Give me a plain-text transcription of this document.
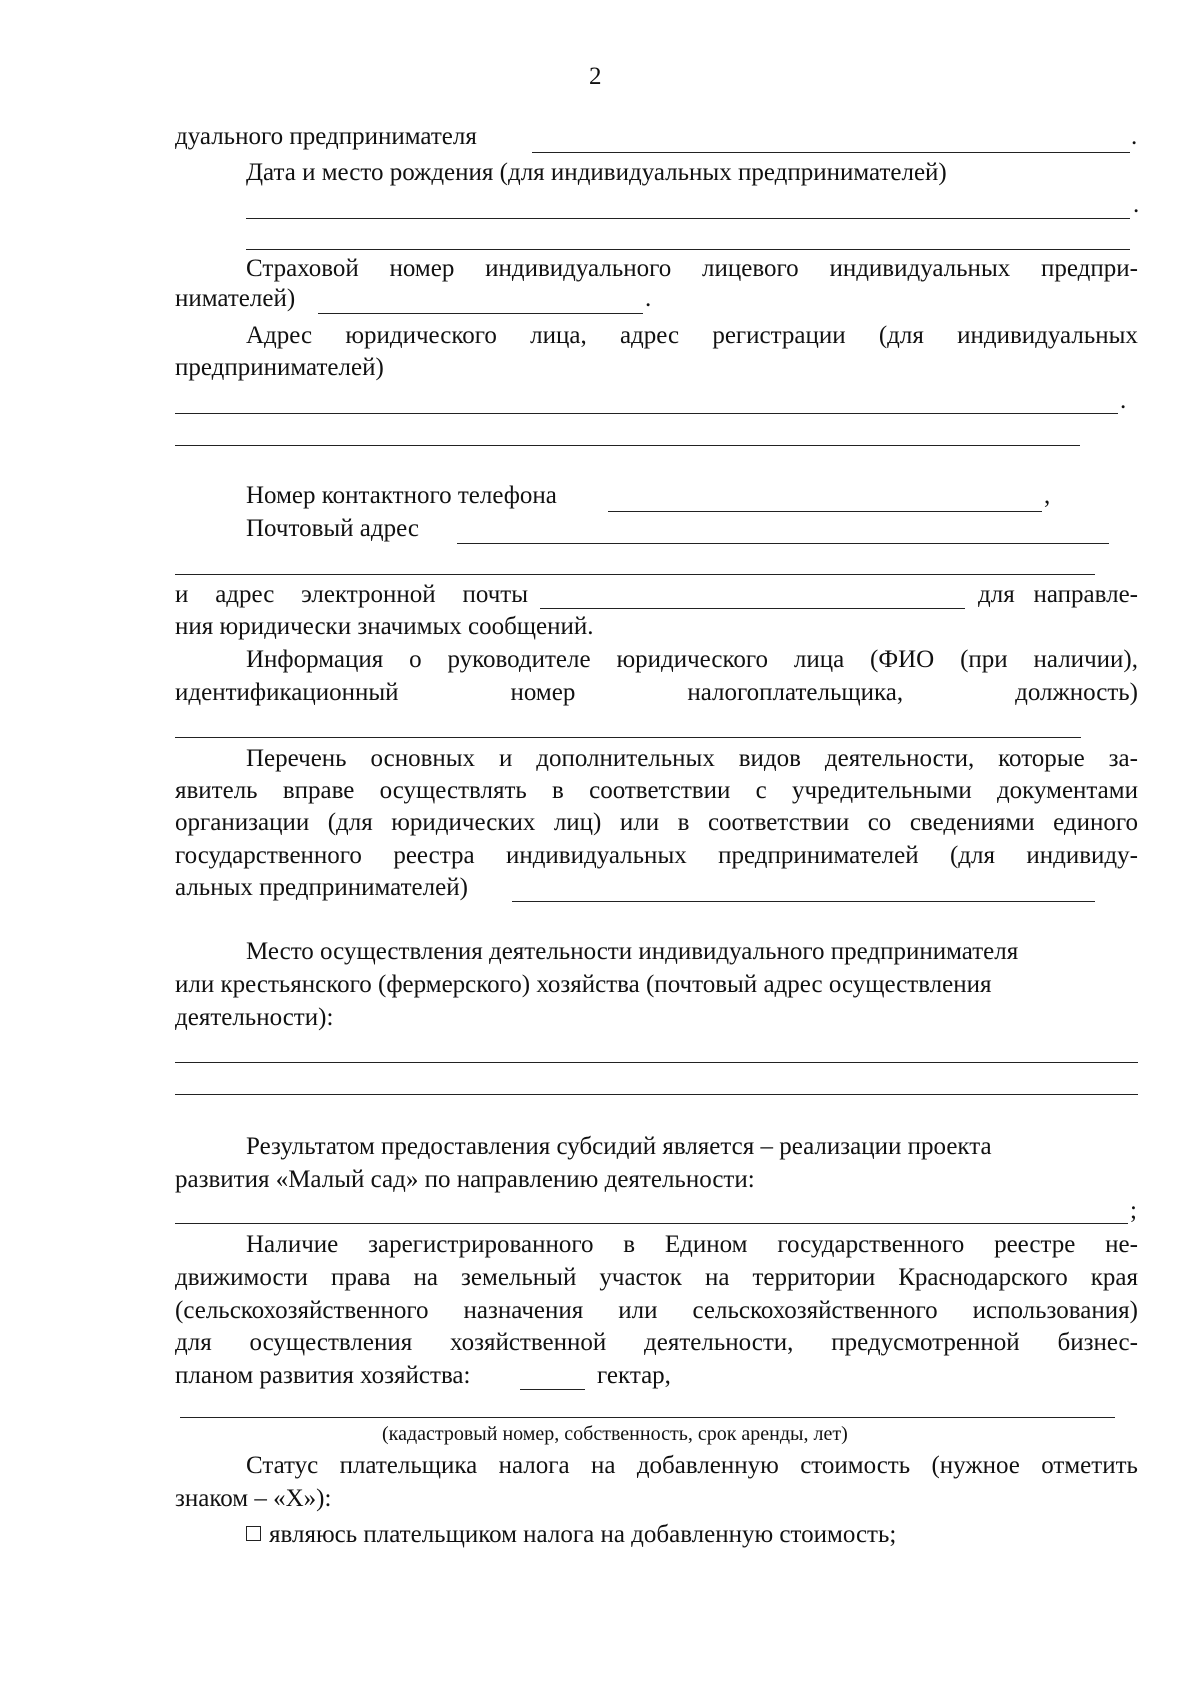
2
дуального предпринимателя	.
Дата и место рождения (для индивидуальных предпринимателей)
.
Страховой номер индивидуального лицевого индивидуальных предпри-
нимателей)	.
Адрес юридического лица, адрес регистрации (для индивидуальных
предпринимателей)
.
Номер контактного телефона	,
Почтовый адрес
и адрес электронной почты	для направле-
ния юридически значимых сообщений.
Информация о руководителе юридического лица (ФИО (при наличии),
идентификационный	номер	налогоплательщика,	должность)
Перечень основных и дополнительных видов деятельности, которые за-
явитель вправе осуществлять в соответствии с учредительными документами
организации (для юридических лиц) или в соответствии со сведениями единого
государственного реестра индивидуальных предпринимателей (для индивиду-
альных предпринимателей)
Место осуществления деятельности индивидуального предпринимателя
или крестьянского (фермерского) хозяйства (почтовый адрес осуществления
деятельности):
Результатом предоставления субсидий является – реализации проекта
развития «Малый сад» по направлению деятельности:
;
Наличие зарегистрированного в Едином государственного реестре не-
движимости права на земельный участок на территории Краснодарского края
(сельскохозяйственного назначения или сельскохозяйственного использования)
для осуществления хозяйственной деятельности, предусмотренной бизнес-
планом развития хозяйства:	гектар,
(кадастровый номер, собственность, срок аренды, лет)
Статус плательщика налога на добавленную стоимость (нужное отметить
знаком – «Х»):
являюсь плательщиком налога на добавленную стоимость;
